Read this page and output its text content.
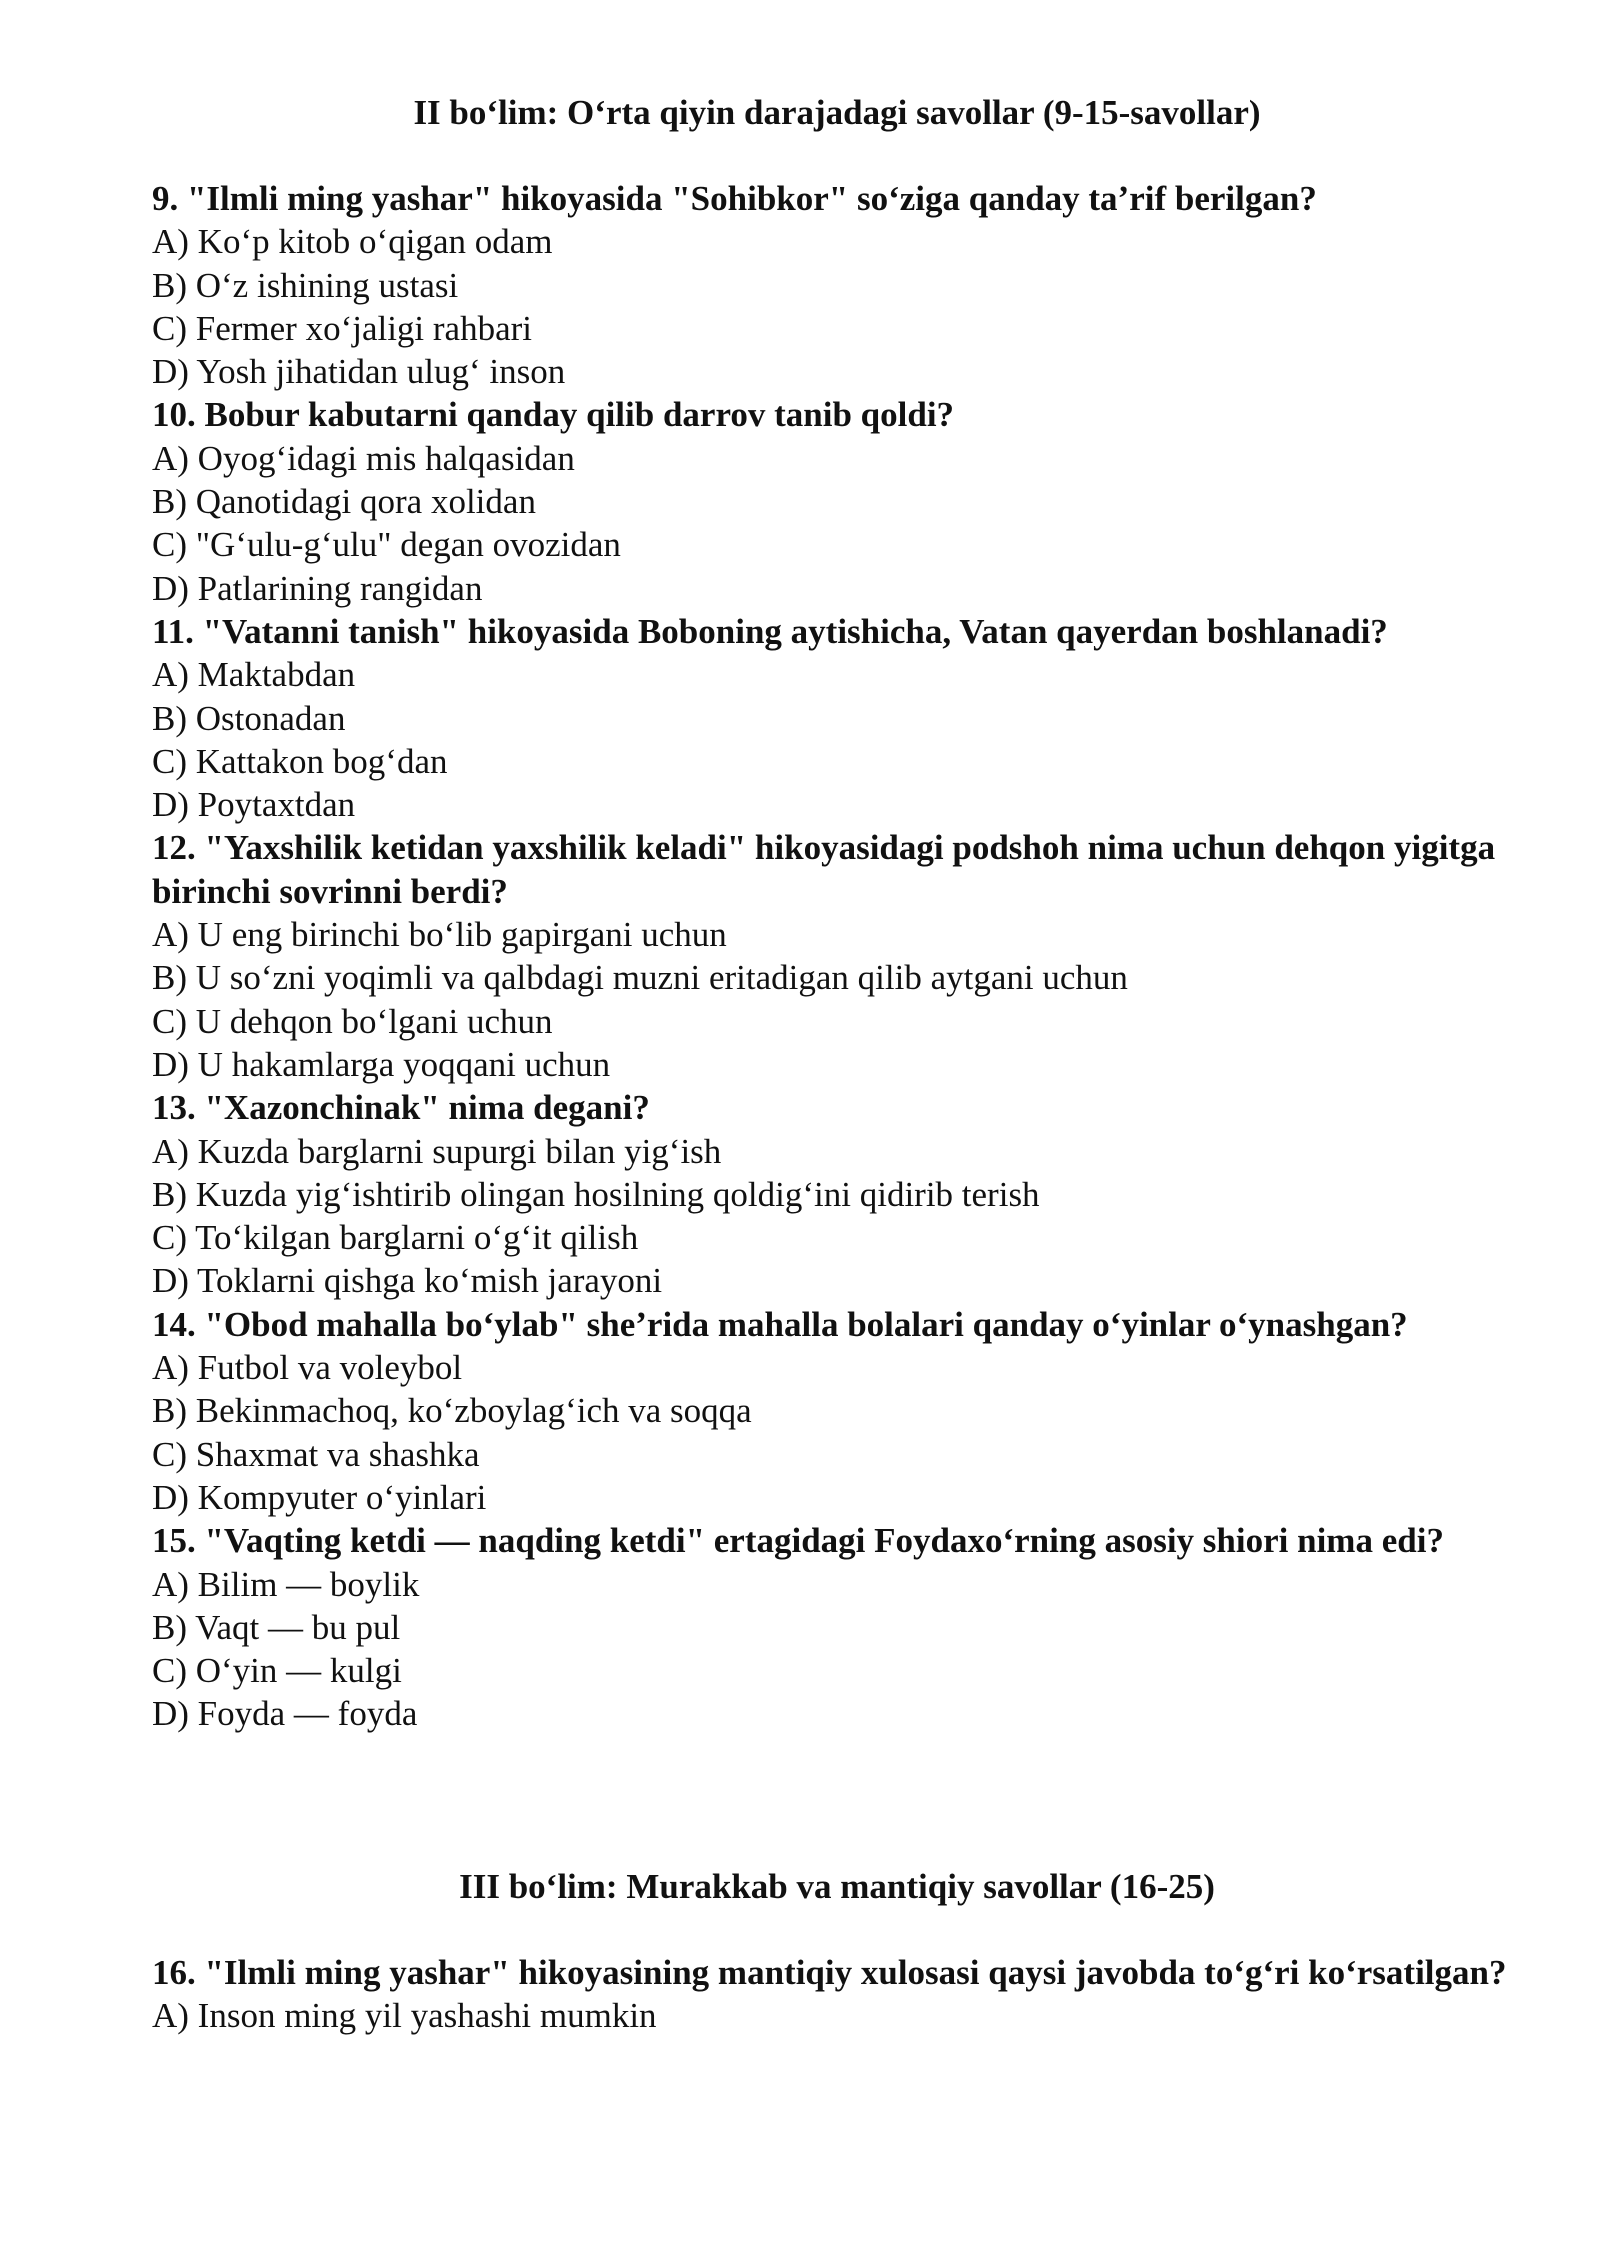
II boʻlim: Oʻrta qiyin darajadagi savollar (9-15-savollar)

9. "Ilmli ming yashar" hikoyasida "Sohibkor" soʻziga qanday taʼrif berilgan?

A) Koʻp kitob oʻqigan odam

B) Oʻz ishining ustasi

C) Fermer xoʻjaligi rahbari

D) Yosh jihatidan ulugʻ inson

10. Bobur kabutarni qanday qilib darrov tanib qoldi?

A) Oyogʻidagi mis halqasidan

B) Qanotidagi qora xolidan

C) "Gʻulu-gʻulu" degan ovozidan

D) Patlarining rangidan

11. "Vatanni tanish" hikoyasida Boboning aytishicha, Vatan qayerdan boshlanadi?

A) Maktabdan

B) Ostonadan

C) Kattakon bogʻdan

D) Poytaxtdan

12. "Yaxshilik ketidan yaxshilik keladi" hikoyasidagi podshoh nima uchun dehqon yigitga birinchi sovrinni berdi?

A) U eng birinchi boʻlib gapirgani uchun

B) U soʻzni yoqimli va qalbdagi muzni eritadigan qilib aytgani uchun

C) U dehqon boʻlgani uchun

D) U hakamlarga yoqqani uchun

13. "Xazonchinak" nima degani?

A) Kuzda barglarni supurgi bilan yigʻish

B) Kuzda yigʻishtirib olingan hosilning qoldigʻini qidirib terish

C) Toʻkilgan barglarni oʻgʻit qilish

D) Toklarni qishga koʻmish jarayoni

14. "Obod mahalla boʻylab" sheʼrida mahalla bolalari qanday oʻyinlar oʻynashgan?

A) Futbol va voleybol

B) Bekinmachoq, koʻzboylagʻich va soqqa

C) Shaxmat va shashka

D) Kompyuter oʻyinlari

15. "Vaqting ketdi — naqding ketdi" ertagidagi Foydaxoʻrning asosiy shiori nima edi?

A) Bilim — boylik

B) Vaqt — bu pul

C) Oʻyin — kulgi

D) Foyda — foyda

III boʻlim: Murakkab va mantiqiy savollar (16-25)

16. "Ilmli ming yashar" hikoyasining mantiqiy xulosasi qaysi javobda toʻgʻri koʻrsatilgan?

A) Inson ming yil yashashi mumkin
